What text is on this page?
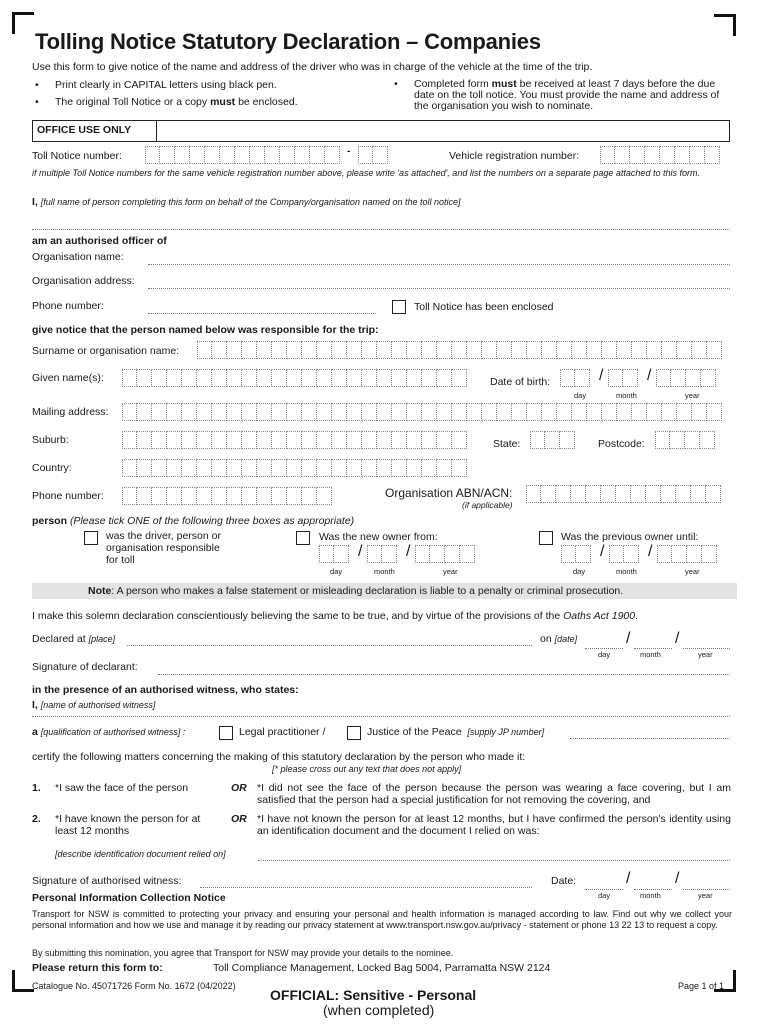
Tolling Notice Statutory Declaration – Companies
Use this form to give notice of the name and address of the driver who was in charge of the vehicle at the time of the trip.
• Print clearly in CAPITAL letters using black pen.
• The original Toll Notice or a copy must be enclosed.
• Completed form must be received at least 7 days before the due date on the toll notice. You must provide the name and address of the organisation you wish to nominate.
OFFICE USE ONLY
Toll Notice number:	-	Vehicle registration number:
if multiple Toll Notice numbers for the same vehicle registration number above, please write 'as attached', and list the numbers on a separate page attached to this form.
I, [full name of person completing this form on behalf of the Company/organisation named on the toll notice]
am an authorised officer of
Organisation name:
Organisation address:
Phone number:	Toll Notice has been enclosed
give notice that the person named below was responsible for the trip:
Surname or organisation name:
Given name(s):	Date of birth:	/	/
day	month	year
Mailing address:
Suburb:	State:	Postcode:
Country:
Phone number:	Organisation ABN/ACN:
(if applicable)
person (Please tick ONE of the following three boxes as appropriate)
was the driver, person or organisation responsible for toll
Was the new owner from:
/	/
day	month	year
Was the previous owner until:
/	/
day	month	year
Note: A person who makes a false statement or misleading declaration is liable to a penalty or criminal prosecution.
I make this solemn declaration conscientiously believing the same to be true, and by virtue of the provisions of the Oaths Act 1900.
Declared at [place]	on [date]	/	/
day	month	year
Signature of declarant:
in the presence of an authorised witness, who states:
I, [name of authorised witness]
a [qualification of authorised witness] :	Legal practitioner /	Justice of the Peace [supply JP number]
certify the following matters concerning the making of this statutory declaration by the person who made it:
[* please cross out any text that does not apply]
1. *I saw the face of the person	OR *I did not see the face of the person because the person was wearing a face covering, but I am satisfied that the person had a special justification for not removing the covering, and
2. *I have known the person for at least 12 months
OR *I have not known the person for at least 12 months, but I have confirmed the person's identity using an identification document and the document I relied on was:
[describe identification document relied on]
Signature of authorised witness:	Date:	/	/
day	month	year
Personal Information Collection Notice
Transport for NSW is committed to protecting your privacy and ensuring your personal and health information is managed according to law. Find out why we collect your personal information and how we use and manage it by reading our privacy statement at www.transport.nsw.gov.au/privacy - statement or phone 13 22 13 to request a copy.
By submitting this nomination, you agree that Transport for NSW may provide your details to the nominee.
Please return this form to:	Toll Compliance Management, Locked Bag 5004, Parramatta NSW 2124
Catalogue No. 45071726 Form No. 1672 (04/2022)	Page 1 of 1
OFFICIAL: Sensitive - Personal
(when completed)
